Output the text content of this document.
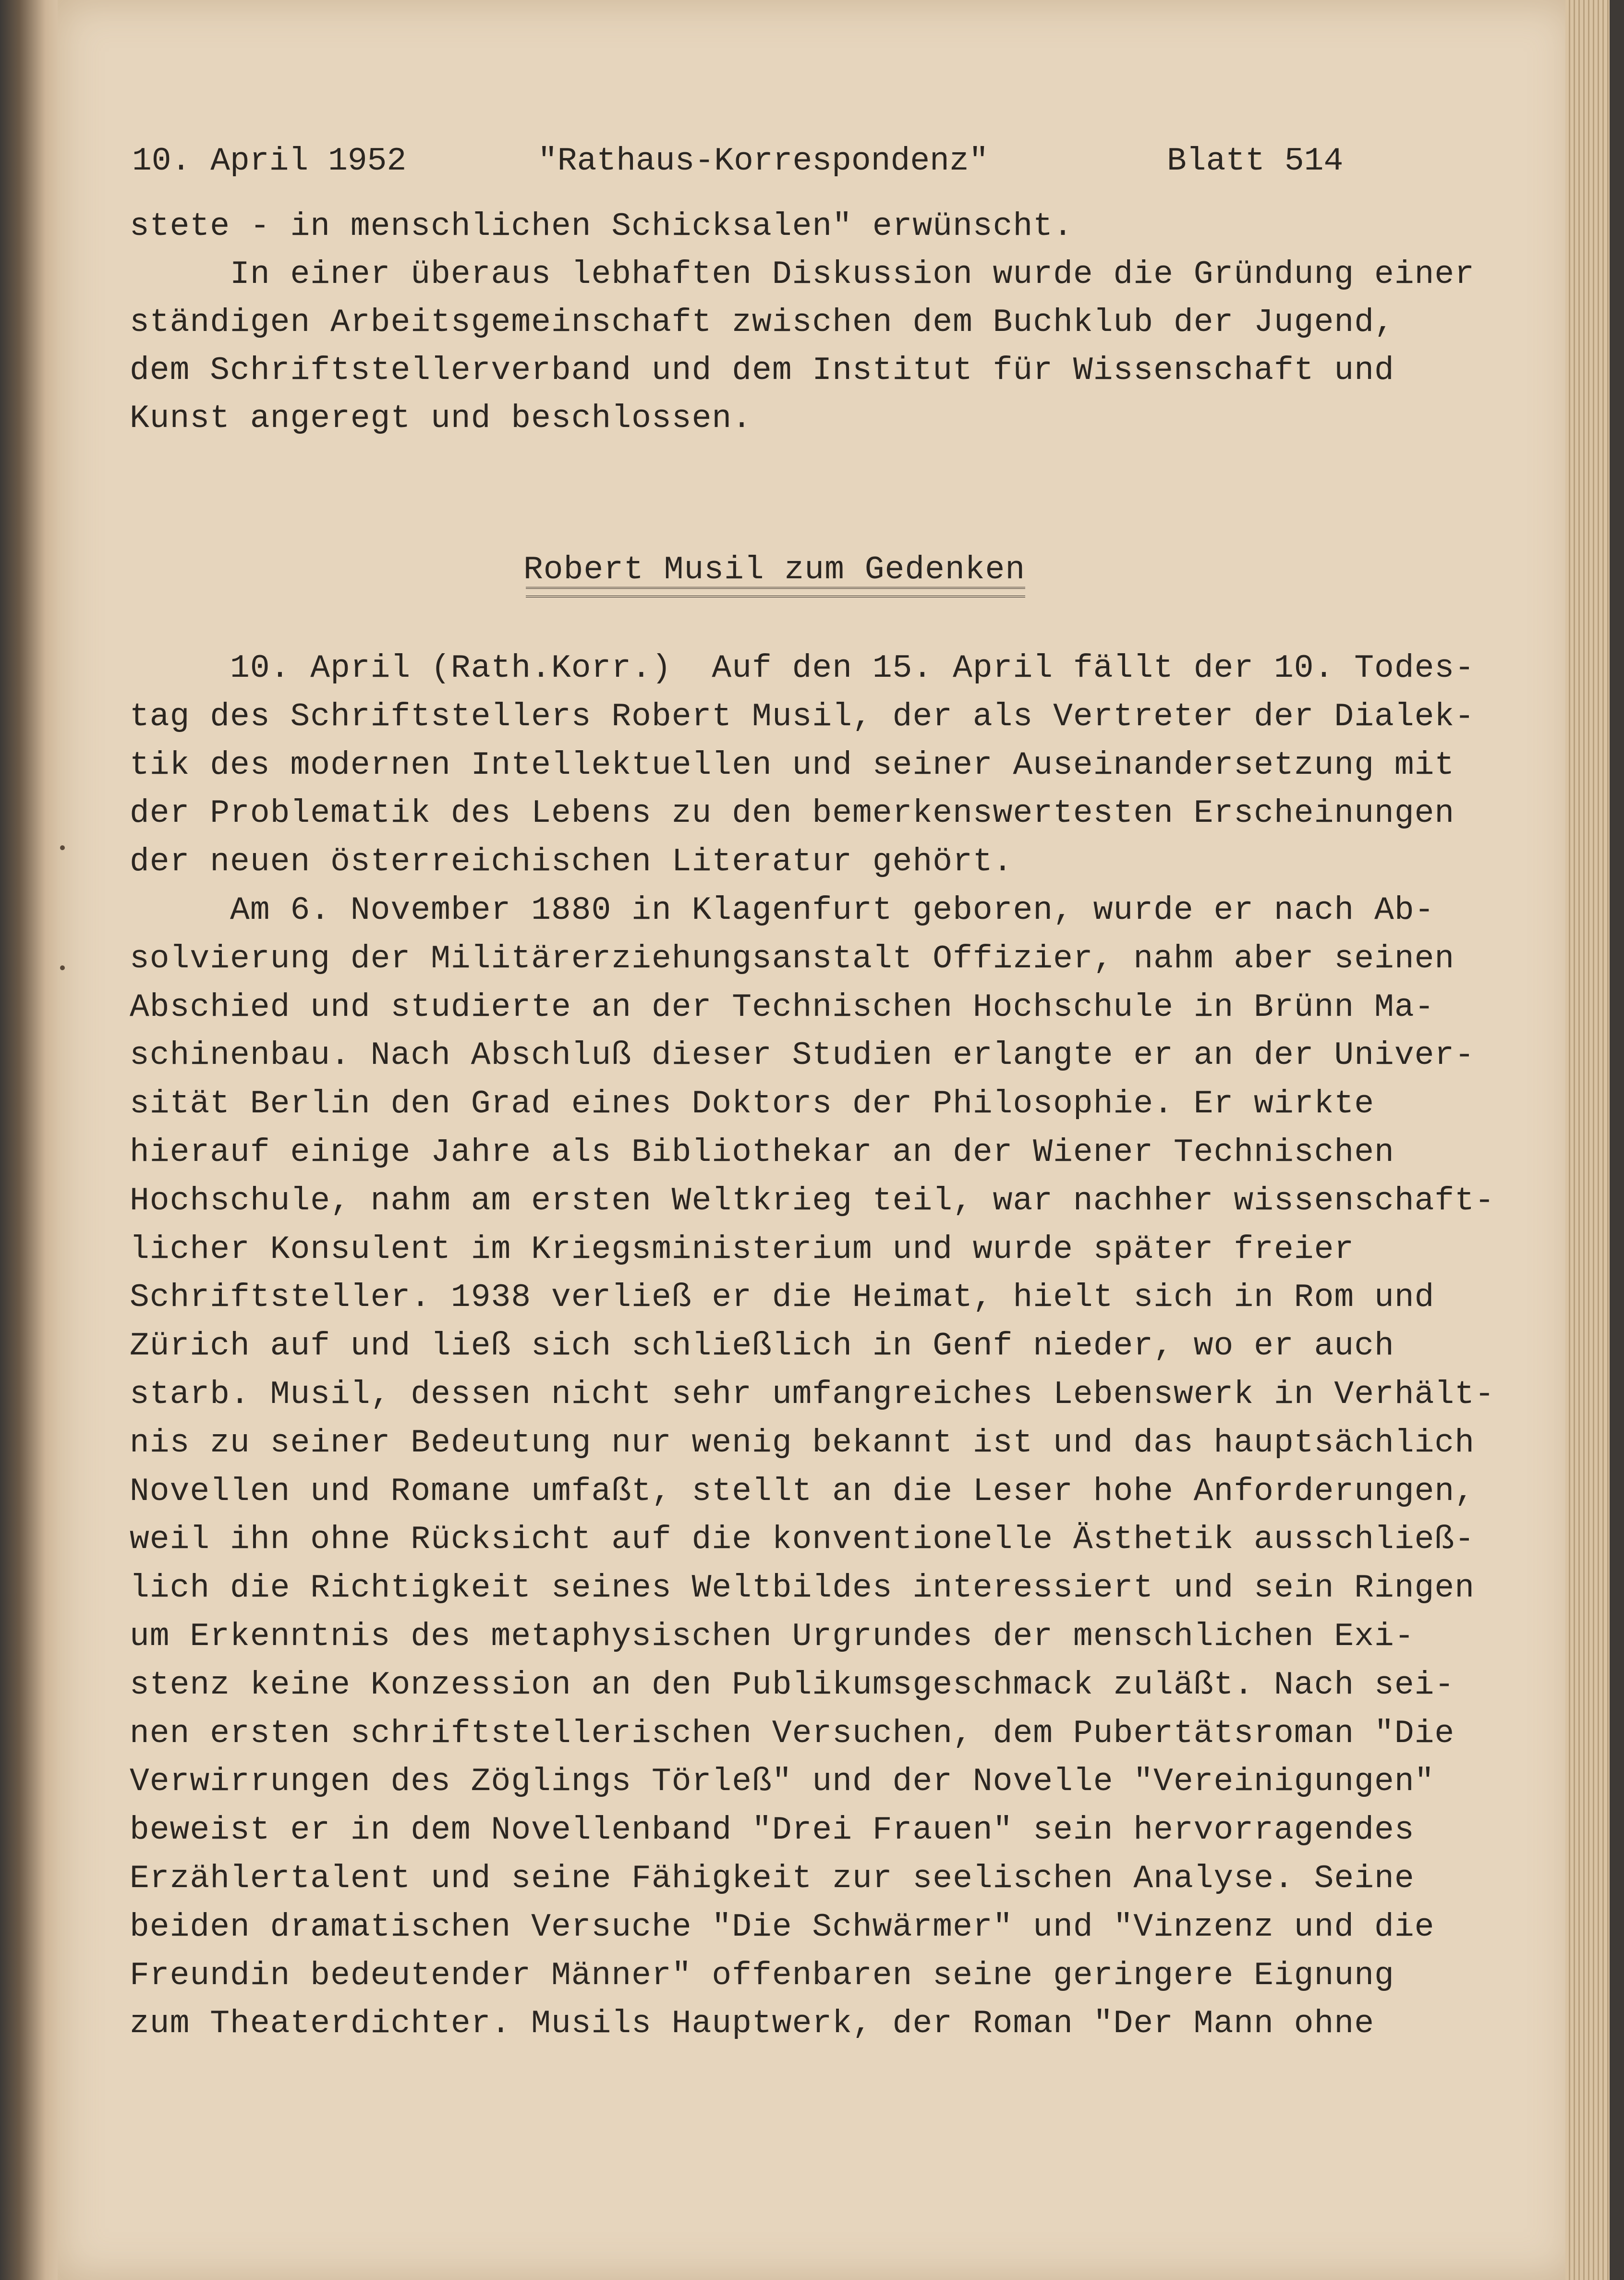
10. April 1952	"Rathaus-Korrespondenz"	Blatt 514

stete - in menschlichen Schicksalen" erwünscht.

In einer überaus lebhaften Diskussion wurde die Gründung einer

ständigen Arbeitsgemeinschaft zwischen dem Buchklub der Jugend,

dem Schriftstellerverband und dem Institut für Wissenschaft und

Kunst angeregt und beschlossen.

Robert Musil zum Gedenken

10. April (Rath.Korr.)  Auf den 15. April fällt der 10. Todes-

tag des Schriftstellers Robert Musil, der als Vertreter der Dialek-

tik des modernen Intellektuellen und seiner Auseinandersetzung mit

der Problematik des Lebens zu den bemerkenswertesten Erscheinungen

der neuen österreichischen Literatur gehört.

Am 6. November 1880 in Klagenfurt geboren, wurde er nach Ab-

solvierung der Militärerziehungsanstalt Offizier, nahm aber seinen

Abschied und studierte an der Technischen Hochschule in Brünn Ma-

schinenbau. Nach Abschluß dieser Studien erlangte er an der Univer-

sität Berlin den Grad eines Doktors der Philosophie. Er wirkte

hierauf einige Jahre als Bibliothekar an der Wiener Technischen

Hochschule, nahm am ersten Weltkrieg teil, war nachher wissenschaft-

licher Konsulent im Kriegsministerium und wurde später freier

Schriftsteller. 1938 verließ er die Heimat, hielt sich in Rom und

Zürich auf und ließ sich schließlich in Genf nieder, wo er auch

starb. Musil, dessen nicht sehr umfangreiches Lebenswerk in Verhält-

nis zu seiner Bedeutung nur wenig bekannt ist und das hauptsächlich

Novellen und Romane umfaßt, stellt an die Leser hohe Anforderungen,

weil ihn ohne Rücksicht auf die konventionelle Ästhetik ausschließ-

lich die Richtigkeit seines Weltbildes interessiert und sein Ringen

um Erkenntnis des metaphysischen Urgrundes der menschlichen Exi-

stenz keine Konzession an den Publikumsgeschmack zuläßt. Nach sei-

nen ersten schriftstellerischen Versuchen, dem Pubertätsroman "Die

Verwirrungen des Zöglings Törleß" und der Novelle "Vereinigungen"

beweist er in dem Novellenband "Drei Frauen" sein hervorragendes

Erzählertalent und seine Fähigkeit zur seelischen Analyse. Seine

beiden dramatischen Versuche "Die Schwärmer" und "Vinzenz und die

Freundin bedeutender Männer" offenbaren seine geringere Eignung

zum Theaterdichter. Musils Hauptwerk, der Roman "Der Mann ohne
